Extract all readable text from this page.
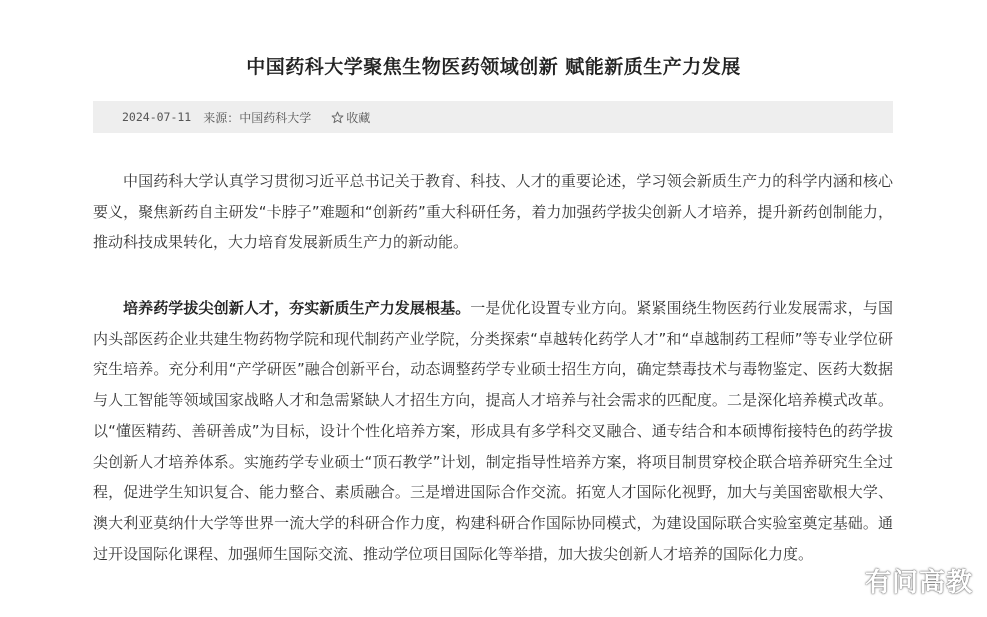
中国药科大学聚焦生物医药领域创新 赋能新质生产力发展
2024-07-11 来源：中国药科大学	收藏

中国药科大学认真学习贯彻习近平总书记关于教育、科技、人才的重要论述，学习领会新质生产力的科学内涵和核心要义，聚焦新药自主研发“卡脖子”难题和“创新药”重大科研任务，着力加强药学拔尖创新人才培养，提升新药创制能力，推动科技成果转化，大力培育发展新质生产力的新动能。

培养药学拔尖创新人才，夯实新质生产力发展根基。一是优化设置专业方向。紧紧围绕生物医药行业发展需求，与国内头部医药企业共建生物药物学院和现代制药产业学院，分类探索“卓越转化药学人才”和“卓越制药工程师”等专业学位研究生培养。充分利用“产学研医”融合创新平台，动态调整药学专业硕士招生方向，确定禁毒技术与毒物鉴定、医药大数据与人工智能等领域国家战略人才和急需紧缺人才招生方向，提高人才培养与社会需求的匹配度。二是深化培养模式改革。以“懂医精药、善研善成”为目标，设计个性化培养方案，形成具有多学科交叉融合、通专结合和本硕博衔接特色的药学拔尖创新人才培养体系。实施药学专业硕士“顶石教学”计划，制定指导性培养方案，将项目制贯穿校企联合培养研究生全过程，促进学生知识复合、能力整合、素质融合。三是增进国际合作交流。拓宽人才国际化视野，加大与美国密歇根大学、澳大利亚莫纳什大学等世界一流大学的科研合作力度，构建科研合作国际协同模式，为建设国际联合实验室奠定基础。通过开设国际化课程、加强师生国际交流、推动学位项目国际化等举措，加大拔尖创新人才培养的国际化力度。

有问高教
